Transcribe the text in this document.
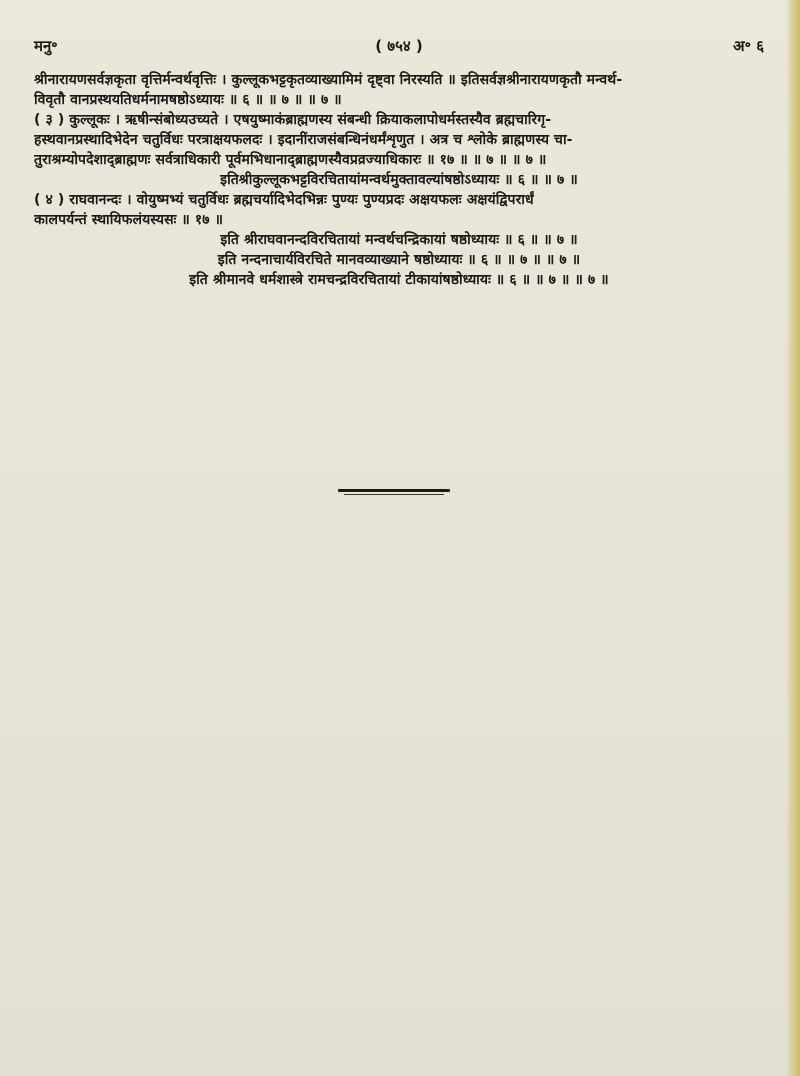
मनु॰	( ७५४ )	अ॰ ६
श्रीनारायणसर्वज्ञकृता वृत्तिर्मन्वर्थवृत्तिः । कुल्लूकभट्टकृतव्याख्यामिमं दृष्ट्वा निरस्यति ॥ इतिसर्वज्ञश्रीनारायणकृतौ मन्वर्थ-
विवृतौ वानप्रस्थयतिधर्मनामषष्ठोऽध्यायः ॥ ६ ॥ ॥ ७ ॥ ॥ ७ ॥
( ३ ) कुल्लूकः । ऋषीन्संबोध्यउच्यते । एषयुष्माकंब्राह्मणस्य संबन्धी क्रियाकलापोधर्मस्तस्यैव ब्रह्मचारिगृ-
हस्थवानप्रस्थादिभेदेन चतुर्विधः परत्राक्षयफलदः । इदानींराजसंबन्धिनंधर्मंशृणुत । अत्र च श्लोके ब्राह्मणस्य चा-
तुराश्रम्योपदेशाद्ब्राह्मणः सर्वत्राधिकारी पूर्वमभिधानाद्ब्राह्मणस्यैवप्रव्रज्याधिकारः ॥ १७ ॥ ॥ ७ ॥ ॥ ७ ॥
इतिश्रीकुल्लूकभट्टविरचितायांमन्वर्थमुक्तावल्यांषष्ठोऽध्यायः ॥ ६ ॥ ॥ ७ ॥
( ४ ) राघवानन्दः । वोयुष्मभ्यं चतुर्विधः ब्रह्मचर्यादिभेदभिन्नः पुण्यः पुण्यप्रदः अक्षयफलः अक्षयंद्विपरार्धं
कालपर्यन्तं स्थायिफलंयस्यसः ॥ १७ ॥
इति श्रीराघवानन्दविरचितायां मन्वर्थचन्द्रिकायां षष्ठोध्यायः ॥ ६ ॥ ॥ ७ ॥
इति नन्दनाचार्यविरचिते मानवव्याख्याने षष्ठोध्यायः ॥ ६ ॥ ॥ ७ ॥ ॥ ७ ॥
इति श्रीमानवे धर्मशास्त्रे रामचन्द्रविरचितायां टीकायांषष्ठोध्यायः ॥ ६ ॥ ॥ ७ ॥ ॥ ७ ॥
